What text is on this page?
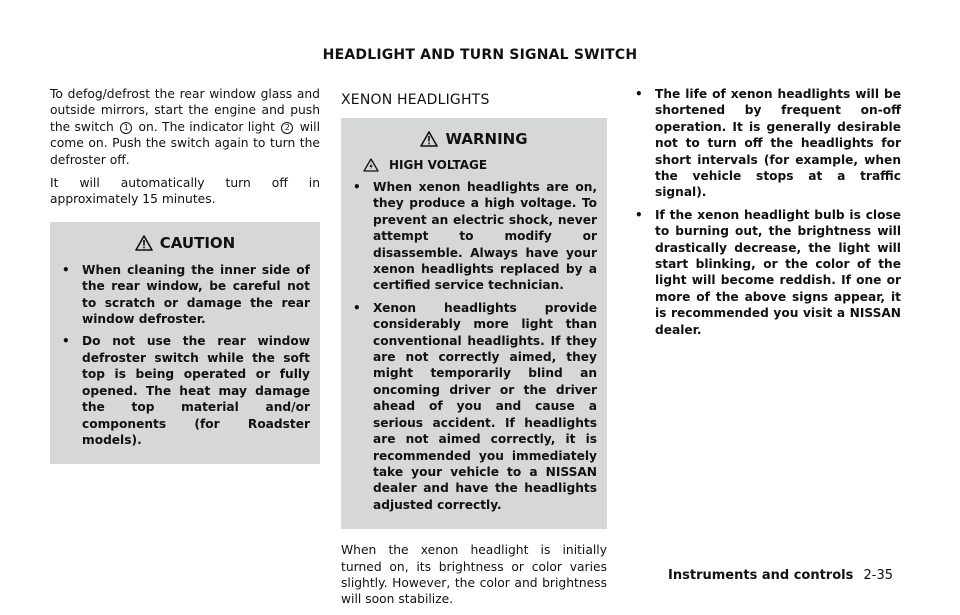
HEADLIGHT AND TURN SIGNAL SWITCH

To defog/defrost the rear window glass and outside mirrors, start the engine and push the switch 1 on. The indicator light 2 will come on. Push the switch again to turn the defroster off.

It will automatically turn off in approximately 15 minutes.

CAUTION
• When cleaning the inner side of the rear window, be careful not to scratch or damage the rear window defroster.
• Do not use the rear window defroster switch while the soft top is being operated or fully opened. The heat may damage the top material and/or components (for Roadster models).
XENON HEADLIGHTS
WARNING
HIGH VOLTAGE
• When xenon headlights are on, they produce a high voltage. To prevent an electric shock, never attempt to modify or disassemble. Always have your xenon headlights replaced by a certified service technician.
• Xenon headlights provide considerably more light than conventional headlights. If they are not correctly aimed, they might temporarily blind an oncoming driver or the driver ahead of you and cause a serious accident. If headlights are not aimed correctly, it is recommended you immediately take your vehicle to a NISSAN dealer and have the headlights adjusted correctly.

When the xenon headlight is initially turned on, its brightness or color varies slightly. However, the color and brightness will soon stabilize.

• The life of xenon headlights will be shortened by frequent on-off operation. It is generally desirable not to turn off the headlights for short intervals (for example, when the vehicle stops at a traffic signal).
• If the xenon headlight bulb is close to burning out, the brightness will drastically decrease, the light will start blinking, or the color of the light will become reddish. If one or more of the above signs appear, it is recommended you visit a NISSAN dealer.
Instruments and controls 2-35
